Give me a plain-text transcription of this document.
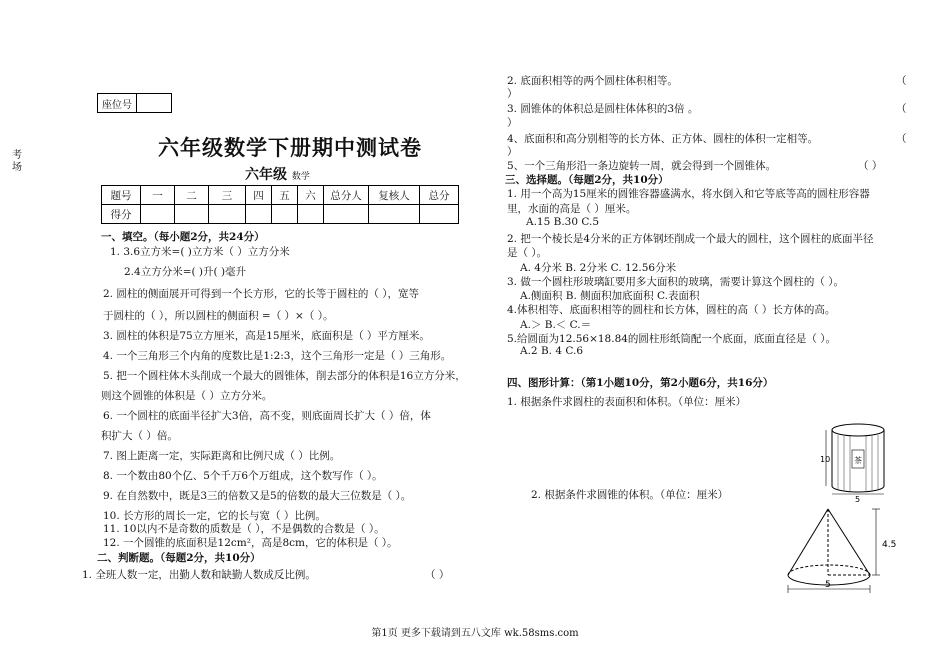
考场
座位号	
六年级数学下册期中测试卷
六年级 数学
题号	一	二	三	四	五	六	总分人	复核人	总分
得分									
一、填空。（每小题2分，共24分）
1. 3.6立方米=( )立方米（ ）立方分米
2.4立方分米=( )升( )毫升
2. 圆柱的侧面展开可得到一个长方形，它的长等于圆柱的（ ），宽等
于圆柱的（ ），所以圆柱的侧面积 =（ ）×（ ）。
3. 圆柱的体积是75立方厘米，高是15厘米，底面积是（ ）平方厘米。
4. 一个三角形三个内角的度数比是1:2:3，这个三角形一定是（ ）三角形。
5. 把一个圆柱体木头削成一个最大的圆锥体，削去部分的体积是16立方分米，
则这个圆锥的体积是（ ）立方分米。
6. 一个圆柱的底面半径扩大3倍，高不变，则底面周长扩大（ ）倍，体
积扩大（ ）倍。
7. 图上距离一定，实际距离和比例尺成（ ）比例。
8. 一个数由80个亿、5个千万6个万组成，这个数写作（ ）。
9. 在自然数中，既是3三的倍数又是5的倍数的最大三位数是（ ）。
10. 长方形的周长一定，它的长与宽（ ）比例。
11. 10以内不是奇数的质数是（ ），不是偶数的合数是（ ）。
12. 一个圆锥的底面积是12cm²，高是8cm，它的体积是（ ）。
二、判断题。（每题2分，共10分）
1. 全班人数一定，出勤人数和缺勤人数成反比例。	（ ）
2. 底面积相等的两个圆柱体积相等。	（
）
3. 圆锥体的体积总是圆柱体体积的3倍 。	（
）
4、底面积和高分别相等的长方体、正方体、圆柱的体积一定相等。	（
）
5、一个三角形沿一条边旋转一周，就会得到一个圆锥体。	（ ）
三、选择题。（每题2分，共10分）
1. 用一个高为15厘米的圆锥容器盛满水，将水倒入和它等底等高的圆柱形容器
里，水面的高是（ ）厘米。
A.15 B.30 C.5
2. 把一个棱长是4分米的正方体钢坯削成一个最大的圆柱，这个圆柱的底面半径
是（ ）。
A. 4分米 B. 2分米 C. 12.56分米
3. 做一个圆柱形玻璃缸要用多大面积的玻璃，需要计算这个圆柱的（ ）。
A.侧面积 B. 侧面积加底面积 C.表面积
4.体积相等、底面积相等的圆柱和长方体，圆柱的高（ ）长方体的高。
A.＞ B.＜ C.＝
5.给圆面为12.56×18.84的圆柱形纸筒配一个底面，底面直径是（ ）。
A.2 B. 4 C.6
四、图形计算：（第1小题10分，第2小题6分，共16分）
1. 根据条件求圆柱的表面积和体积。（单位：厘米）
2. 根据条件求圆锥的体积。（单位：厘米）
茶
10
5
4.5
5
第1页 更多下载请到五八文库 wk.58sms.com
